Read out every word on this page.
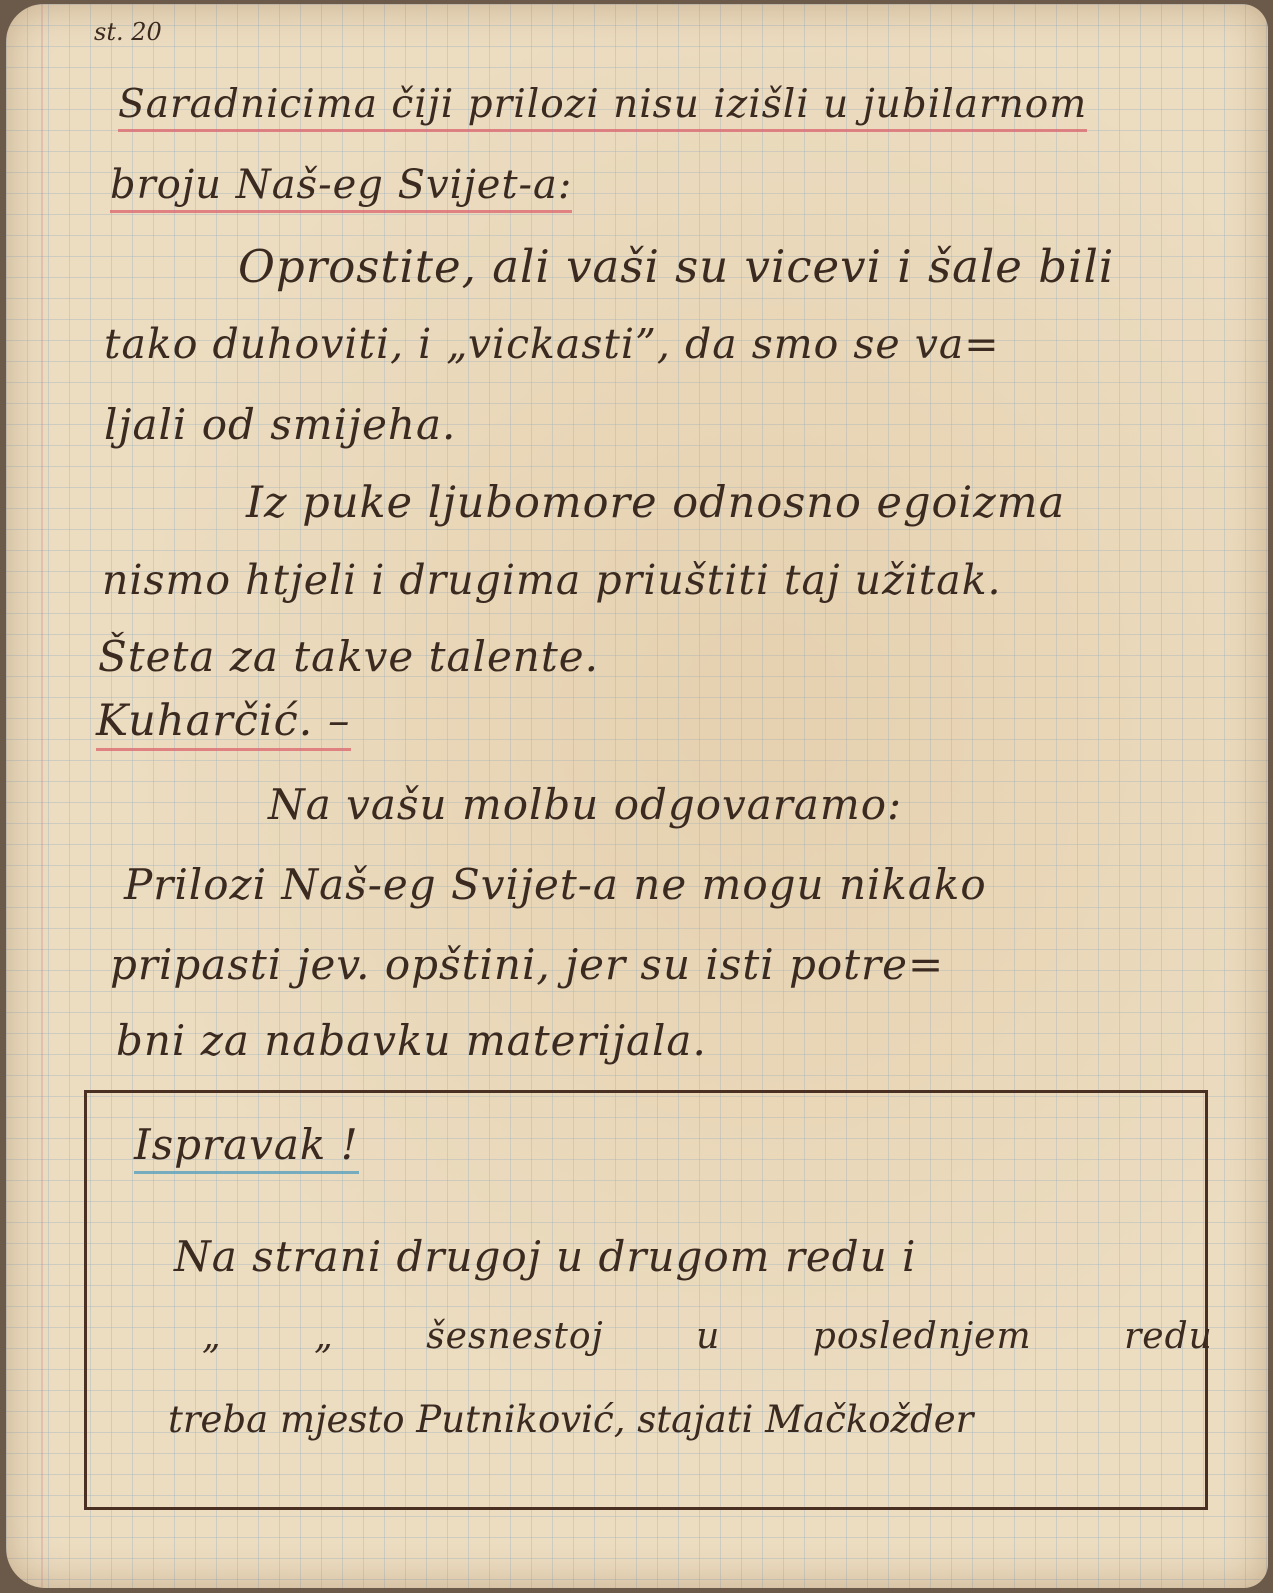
st. 20
Saradnicima čiji prilozi nisu izišli u jubilarnom
broju Naš-eg Svijet-a:
Oprostite, ali vaši su vicevi i šale bili
tako duhoviti, i „vickasti”, da smo se va=
ljali od smijeha.
Iz puke ljubomore odnosno egoizma
nismo htjeli i drugima priuštiti taj užitak.
Šteta za takve talente.
Kuharčić. –
Na vašu molbu odgovaramo:
Prilozi Naš-eg Svijet-a ne mogu nikako
pripasti jev. opštini, jer su isti potre=
bni za nabavku materijala.
Ispravak !
Na strani drugoj u drugom redu i
„ „ šesnestoj u poslednjem redu
treba mjesto Putniković, stajati Mačkožder
